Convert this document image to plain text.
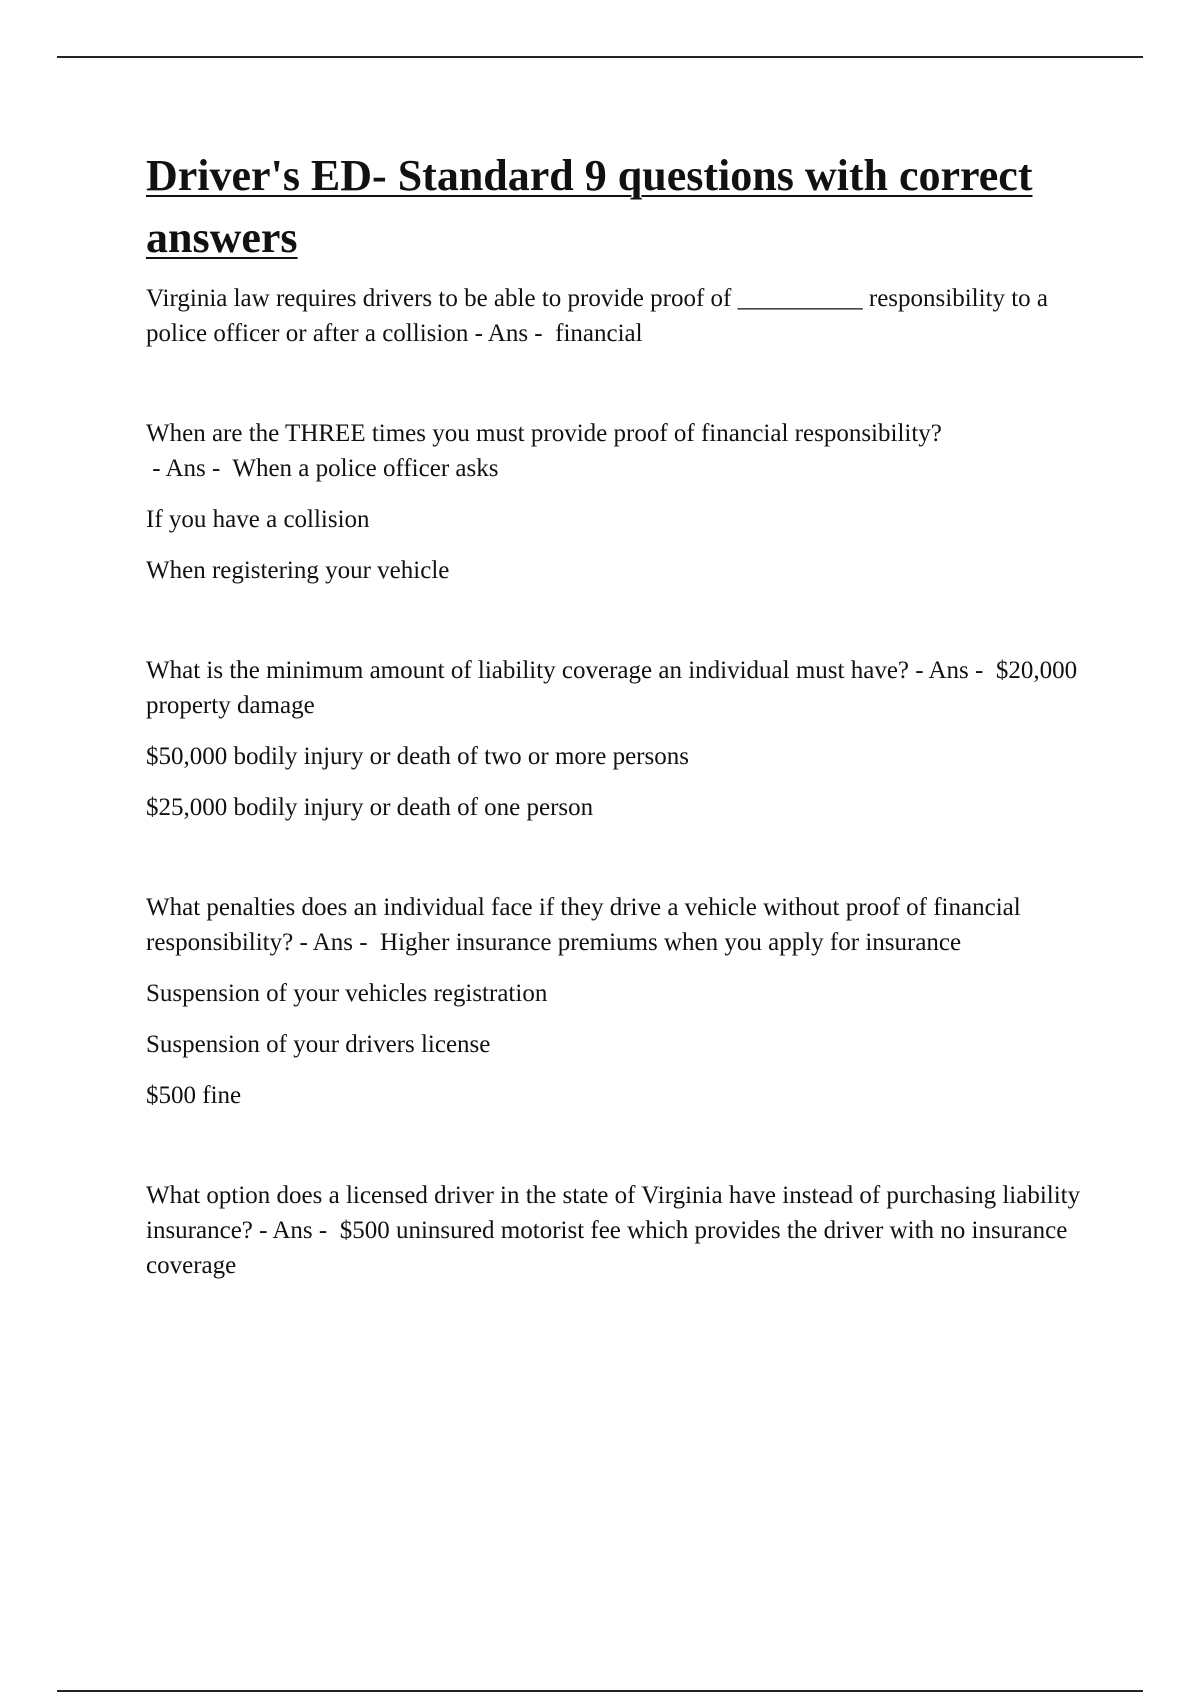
Driver's ED- Standard 9 questions with correct answers

Virginia law requires drivers to be able to provide proof of __________ responsibility to a police officer or after a collision - Ans -  financial

When are the THREE times you must provide proof of financial responsibility? - Ans -  When a police officer asks

If you have a collision

When registering your vehicle

What is the minimum amount of liability coverage an individual must have? - Ans -  $20,000 property damage

$50,000 bodily injury or death of two or more persons

$25,000 bodily injury or death of one person

What penalties does an individual face if they drive a vehicle without proof of financial responsibility? - Ans -  Higher insurance premiums when you apply for insurance

Suspension of your vehicles registration

Suspension of your drivers license

$500 fine

What option does a licensed driver in the state of Virginia have instead of purchasing liability insurance? - Ans -  $500 uninsured motorist fee which provides the driver with no insurance coverage
